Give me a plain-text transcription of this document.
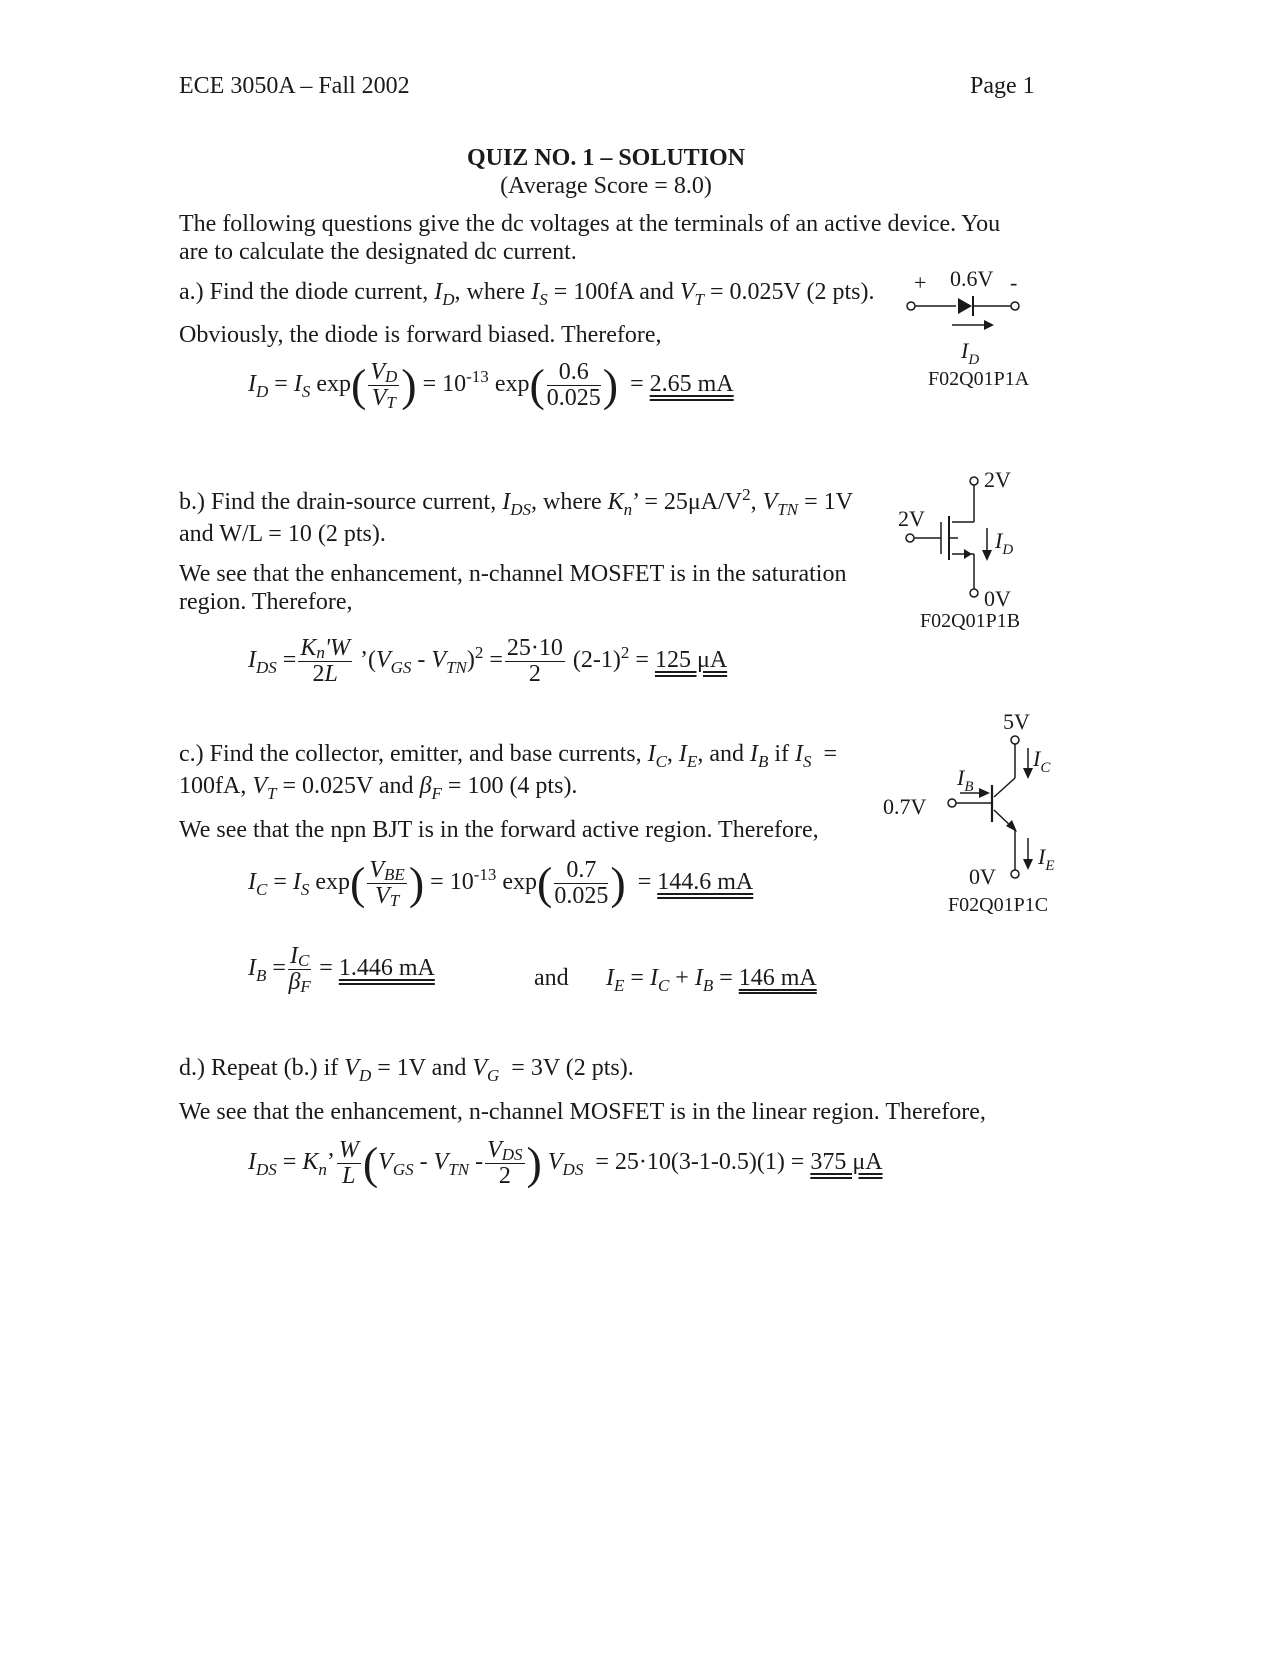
ECE 3050A – Fall 2002	Page 1
QUIZ NO. 1 – SOLUTION
(Average Score = 8.0)
The following questions give the dc voltages at the terminals of an active device. You
are to calculate the designated dc current.
a.) Find the diode current, $I_D$, where $I_S = 100fA$ and $V_T = 0.025V$ (2 pts).
Obviously, the diode is forward biased. Therefore,
$I_D = I_S$ $\exp( \frac{VD}{VT}$ ) = $10^{-13}$ $\exp( \frac{0.6}{0.025}$ )  = 2.65 mA
+ 0.6V -
$I_D$
F02Q01P1A
b.) Find the drain-source current, $I_{DS}$, where $K_n$’ = $25\mu A/V^2$, $V_{TN} = 1V$
and W/L = 10 (2 pts).
We see that the enhancement, n-channel MOSFET is in the saturation
region. Therefore,
$I_{DS} = \frac{Kn'W}{2L}$ $’(V_{GS} - V_{TN})^2 = \frac{25\cdot 10}{2} (2-1)^2 = 125$ μA
2V
2V
0V
$I_D$
F02Q01P1B
c.) Find the collector, emitter, and base currents, $I_C$, $I_E$, and $I_B$ if $I_S$  =
100fA, $V_T = 0.025V$ and $\beta_F = 100$ (4 pts).
We see that the npn BJT is in the forward active region. Therefore,
$I_C = I_S$ $\exp( \frac{\text{VBE}}{VT}$ ) = $10^{-13}$ $\exp( \frac{0.7}{0.025}$ )  = 144.6 mA
$I_B = \frac{IC}{\beta F} = 1.446$ mA	and $I_E = I_C + I_B = 146$ mA
5V
0.7V
0V
$I_C$
$I_B$
$I_E$
F02Q01P1C
d.) Repeat (b.) if $V_D = 1V$ and $V_G = 3V$ (2 pts).
We see that the enhancement, n-channel MOSFET is in the linear region. Therefore,
$I_{DS} = K_n$’ $\frac{W}{L} (V_{GS} - V_{TN} - \frac{\text{VDS}}{2}$ ) $V_{DS} = 25\cdot 10(3-1-0.5)(1) = 375$ μA
